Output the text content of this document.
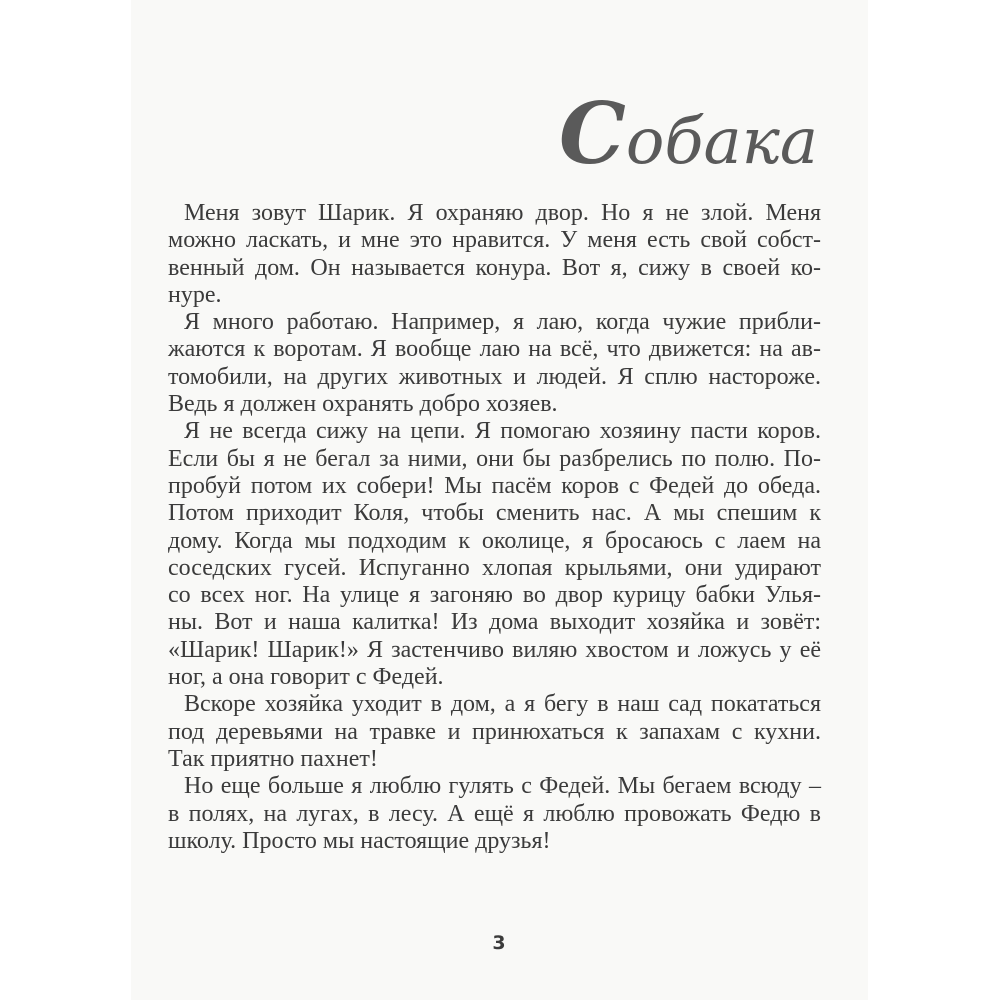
Собака
Меня зовут Шарик. Я охраняю двор. Но я не злой. Меня
можно ласкать, и мне это нравится. У меня есть свой собст-
венный дом. Он называется конура. Вот я, сижу в своей ко-
нуре.
Я много работаю. Например, я лаю, когда чужие прибли-
жаются к воротам. Я вообще лаю на всё, что движется: на ав-
томобили, на других животных и людей. Я сплю настороже.
Ведь я должен охранять добро хозяев.
Я не всегда сижу на цепи. Я помогаю хозяину пасти коров.
Если бы я не бегал за ними, они бы разбрелись по полю. По-
пробуй потом их собери! Мы пасём коров с Федей до обеда.
Потом приходит Коля, чтобы сменить нас. А мы спешим к
дому. Когда мы подходим к околице, я бросаюсь с лаем на
соседских гусей. Испуганно хлопая крыльями, они удирают
со всех ног. На улице я загоняю во двор курицу бабки Улья-
ны. Вот и наша калитка! Из дома выходит хозяйка и зовёт:
«Шарик! Шарик!» Я застенчиво виляю хвостом и ложусь у её
ног, а она говорит с Федей.
Вскоре хозяйка уходит в дом, а я бегу в наш сад покататься
под деревьями на травке и принюхаться к запахам с кухни.
Так приятно пахнет!
Но еще больше я люблю гулять с Федей. Мы бегаем всюду –
в полях, на лугах, в лесу. А ещё я люблю провожать Федю в
школу. Просто мы настоящие друзья!
3
